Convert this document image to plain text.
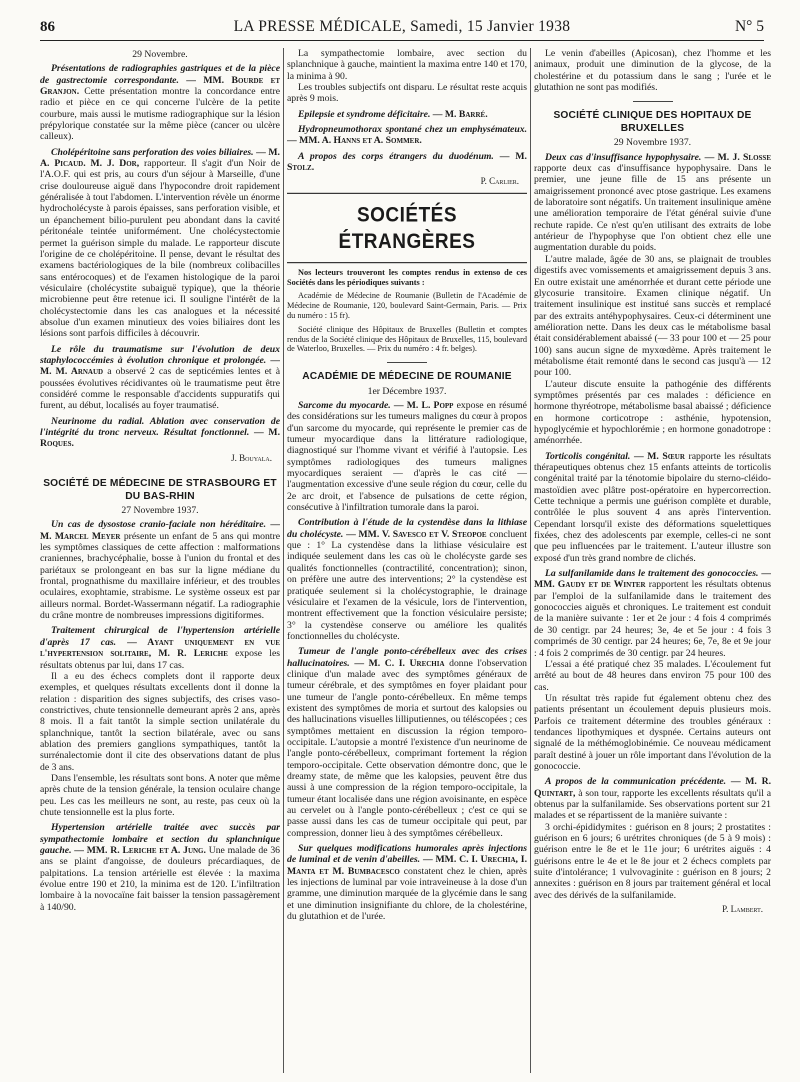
86	LA PRESSE MÉDICALE, Samedi, 15 Janvier 1938	N° 5

29 Novembre.

Présentations de radiographies gastriques et de la pièce de gastrectomie correspondante. — MM. Bourde et Granjon. Cette présentation montre la concordance entre radio et pièce en ce qui concerne l'ulcère de la petite courbure, mais aussi le mutisme radiographique sur la lésion prépylorique constatée sur la même pièce (cancer ou ulcère calleux).

Cholépéritoine sans perforation des voies biliaires. — M. A. Picaud. M. J. Dor, rapporteur. Il s'agit d'un Noir de l'A.O.F. qui est pris, au cours d'un séjour à Marseille, d'une crise douloureuse aiguë dans l'hypocondre droit rapidement généralisée à tout l'abdomen. L'intervention révèle un énorme hydrocholécyste à parois épaisses, sans perforation visible, et un épanchement bilio-purulent peu abondant dans la cavité péritonéale teintée uniformément. Une cholécystectomie permet la guérison simple du malade. Le rapporteur discute l'origine de ce cholépéritoine. Il pense, devant le résultat des examens bactériologiques de la bile (nombreux colibacilles sans entérocoques) et de l'examen histologique de la paroi vésiculaire (cholécystite subaiguë typique), que la théorie microbienne peut être retenue ici. Il souligne l'intérêt de la cholécystectomie dans les cas analogues et la nécessité absolue d'un examen minutieux des voies biliaires dont les lésions sont parfois difficiles à découvrir.

Le rôle du traumatisme sur l'évolution de deux staphylococcémies à évolution chronique et prolongée. — M. M. Arnaud a observé 2 cas de septicémies lentes et à poussées évolutives récidivantes où le traumatisme peut être considéré comme le responsable d'accidents suppuratifs qui furent, au début, localisés au foyer traumatisé.

Neurinome du radial. Ablation avec conservation de l'intégrité du tronc nerveux. Résultat fonctionnel. — M. Roques.

J. Bouyala.

SOCIÉTÉ DE MÉDECINE DE STRASBOURG ET DU BAS-RHIN

27 Novembre 1937.

Un cas de dysostose cranio-faciale non héréditaire. — M. Marcel Meyer présente un enfant de 5 ans qui montre les symptômes classiques de cette affection : malformations craniennes, brachycéphalie, bosse à l'union du frontal et des pariétaux se prolongeant en bas sur la ligne médiane du frontal, prognathisme du maxillaire inférieur, et des troubles oculaires, exophtamie, strabisme. Le système osseux est par ailleurs normal. Bordet-Wassermann négatif. La radiographie du crâne montre de nombreuses impressions digitiformes.

Traitement chirurgical de l'hypertension artérielle d'après 17 cas. — Ayant uniquement en vue l'hypertension solitaire, M. R. Leriche expose les résultats obtenus par lui, dans 17 cas.

Il a eu des échecs complets dont il rapporte deux exemples, et quelques résultats excellents dont il donne la relation : disparition des signes subjectifs, des crises vaso-constrictives, chute tensionnelle demeurant après 2 ans, après 8 mois. Il a fait tantôt la simple section unilatérale du splanchnique, tantôt la section bilatérale, avec ou sans ablation des premiers ganglions sympathiques, tantôt la surrénalectomie dont il cite des observations datant de plus de 3 ans.

Dans l'ensemble, les résultats sont bons. A noter que même après chute de la tension générale, la tension oculaire change peu. Les cas les meilleurs ne sont, au reste, pas ceux où la chute tensionnelle est la plus forte.

Hypertension artérielle traitée avec succès par sympathectomie lombaire et section du splanchnique gauche. — MM. R. Leriche et A. Jung. Une malade de 36 ans se plaint d'angoisse, de douleurs précardiaques, de palpitations. La tension artérielle est élevée : la maxima évolue entre 190 et 210, la minima est de 120. L'infiltration lombaire à la novocaïne fait baisser la tension passagèrement à 140/90.

La sympathectomie lombaire, avec section du splanchnique à gauche, maintient la maxima entre 140 et 170, la minima à 90.

Les troubles subjectifs ont disparu. Le résultat reste acquis après 9 mois.

Epilepsie et syndrome déficitaire. — M. Barré.

Hydropneumothorax spontané chez un emphysémateux. — MM. A. Hanns et A. Sommer.

A propos des corps étrangers du duodénum. — M. Stolz.

P. Carlier.

SOCIÉTÉS ÉTRANGÈRES

Nos lecteurs trouveront les comptes rendus in extenso de ces Sociétés dans les périodiques suivants :

Académie de Médecine de Roumanie (Bulletin de l'Académie de Médecine de Roumanie, 120, boulevard Saint-Germain, Paris. — Prix du numéro : 15 fr).

Société clinique des Hôpitaux de Bruxelles (Bulletin et comptes rendus de la Société clinique des Hôpitaux de Bruxelles, 115, boulevard de Waterloo, Bruxelles. — Prix du numéro : 4 fr. belges).

ACADÉMIE DE MÉDECINE DE ROUMANIE

1er Décembre 1937.

Sarcome du myocarde. — M. L. Popp expose en résumé des considérations sur les tumeurs malignes du cœur à propos d'un sarcome du myocarde, qui représente le premier cas de tumeur myocardique dans la littérature radiologique, diagnostiqué sur l'homme vivant et vérifié à l'autopsie. Les symptômes radiologiques des tumeurs malignes myocardiques seraient — d'après le cas cité — l'augmentation excessive d'une seule région du cœur, celle du 2e arc droit, et l'absence de pulsations de cette région, consécutive à l'infiltration tumorale dans la paroi.

Contribution à l'étude de la cystendèse dans la lithiase du cholécyste. — MM. V. Savesco et V. Steopoe concluent que : 1° La cystendèse dans la lithiase vésiculaire est indiquée seulement dans les cas où le cholécyste garde ses qualités fonctionnelles (contractilité, concentration); sinon, on préfère une autre des interventions; 2° la cystendèse est pratiquée seulement si la cholécystographie, le drainage vésiculaire et l'examen de la vésicule, lors de l'intervention, montrent effectivement que la fonction vésiculaire persiste; 3° la cystendèse conserve ou améliore les qualités fonctionnelles du cholécyste.

Tumeur de l'angle ponto-cérébelleux avec des crises hallucinatoires. — M. C. I. Urechia donne l'observation clinique d'un malade avec des symptômes généraux de tumeur cérébrale, et des symptômes en foyer plaidant pour une tumeur de l'angle ponto-cérébelleux. En même temps existent des symptômes de moria et surtout des kalopsies ou des hallucinations visuelles lilliputiennes, ou téléscopées ; ces symptômes mettaient en discussion la région temporo-occipitale. L'autopsie a montré l'existence d'un neurinome de l'angle ponto-cérébelleux, comprimant fortement la région temporo-occipitale. Cette observation démontre donc, que le dreamy state, de même que les kalopsies, peuvent être dus aussi à une compression de la région temporo-occipitale, la tumeur étant localisée dans une région avoisinante, en espèce au cervelet ou à l'angle ponto-cérébelleux ; c'est ce qui se passe aussi dans les cas de tumeur occipitale qui peut, par compression, donner lieu à des symptômes cérébelleux.

Sur quelques modifications humorales après injections de luminal et de venin d'abeilles. — MM. C. I. Urechia, I. Manta et M. Bumbacesco constatent chez le chien, après les injections de luminal par voie intraveineuse à la dose d'un gramme, une diminution marquée de la glycémie dans le sang et une diminution insignifiante du chlore, de la cholestérine, du glutathion et de l'urée.

Le venin d'abeilles (Apicosan), chez l'homme et les animaux, produit une diminution de la glycose, de la cholestérine et du potassium dans le sang ; l'urée et le glutathion ne sont pas modifiés.

SOCIÉTÉ CLINIQUE DES HOPITAUX DE BRUXELLES

29 Novembre 1937.

Deux cas d'insuffisance hypophysaire. — M. J. Slosse rapporte deux cas d'insuffisance hypophysaire. Dans le premier, une jeune fille de 15 ans présente un amaigrissement prononcé avec ptose gastrique. Les examens de laboratoire sont négatifs. Un traitement insulinique amène une amélioration temporaire de l'état général suivie d'une rechute rapide. Ce n'est qu'en utilisant des extraits de lobe antérieur de l'hypophyse que l'on obtient chez elle une augmentation durable du poids.

L'autre malade, âgée de 30 ans, se plaignait de troubles digestifs avec vomissements et amaigrissement depuis 3 ans. En outre existait une aménorrhée et durant cette période une glycosurie transitoire. Examen clinique négatif. Un traitement insulinique est institué sans succès et remplacé par des extraits antéhypophysaires. Ceux-ci déterminent une amélioration nette. Dans les deux cas le métabolisme basal était considérablement abaissé (— 33 pour 100 et — 25 pour 100) sans aucun signe de myxœdème. Après traitement le métabolisme était remonté dans le second cas jusqu'à — 12 pour 100.

L'auteur discute ensuite la pathogénie des différents symptômes présentés par ces malades : déficience en hormone thyréotrope, métabolisme basal abaissé ; déficience en hormone corticotrope : asthénie, hypotension, hypoglycémie et hypochlorémie ; en hormone gonadotrope : aménorrhée.

Torticolis congénital. — M. Sœur rapporte les résultats thérapeutiques obtenus chez 15 enfants atteints de torticolis congénital traité par la ténotomie bipolaire du sterno-cléido-mastoïdien avec plâtre post-opératoire en hypercorrection. Cette technique a permis une guérison complète et durable, contrôlée le plus souvent 4 ans après l'intervention. Cependant lorsqu'il existe des déformations squelettiques fixées, chez des adolescents par exemple, celles-ci ne sont que peu influencées par le traitement. L'auteur illustre son exposé d'un très grand nombre de clichés.

La sulfanilamide dans le traitement des gonococcies. — MM. Gaudy et de Winter rapportent les résultats obtenus par l'emploi de la sulfanilamide dans le traitement des gonococcies aiguës et chroniques. Le traitement est conduit de la manière suivante : 1er et 2e jour : 4 fois 4 comprimés de 30 centigr. par 24 heures; 3e, 4e et 5e jour : 4 fois 3 comprimés de 30 centigr. par 24 heures; 6e, 7e, 8e et 9e jour : 4 fois 2 comprimés de 30 centigr. par 24 heures.

L'essai a été pratiqué chez 35 malades. L'écoulement fut arrêté au bout de 48 heures dans environ 75 pour 100 des cas.

Un résultat très rapide fut également obtenu chez des patients présentant un écoulement depuis plusieurs mois. Parfois ce traitement détermine des troubles généraux : tendances lipothymiques et dyspnée. Certains auteurs ont signalé de la méthémoglobinémie. Ce nouveau médicament paraît destiné à jouer un rôle important dans l'évolution de la gonococcie.

A propos de la communication précédente. — M. R. Quintart, à son tour, rapporte les excellents résultats qu'il a obtenus par la sulfanilamide. Ses observations portent sur 21 malades et se répartissent de la manière suivante :

3 orchi-épididymites : guérison en 8 jours; 2 prostatites : guérison en 6 jours; 6 urétrites chroniques (de 5 à 9 mois) : guérison entre le 8e et le 11e jour; 6 urétrites aiguës : 4 guérisons entre le 4e et le 8e jour et 2 échecs complets par suite d'intolérance; 1 vulvovaginite : guérison en 8 jours; 2 annexites : guérison en 8 jours par traitement général et local avec des dérivés de la sulfanilamide.

P. Lambert.
